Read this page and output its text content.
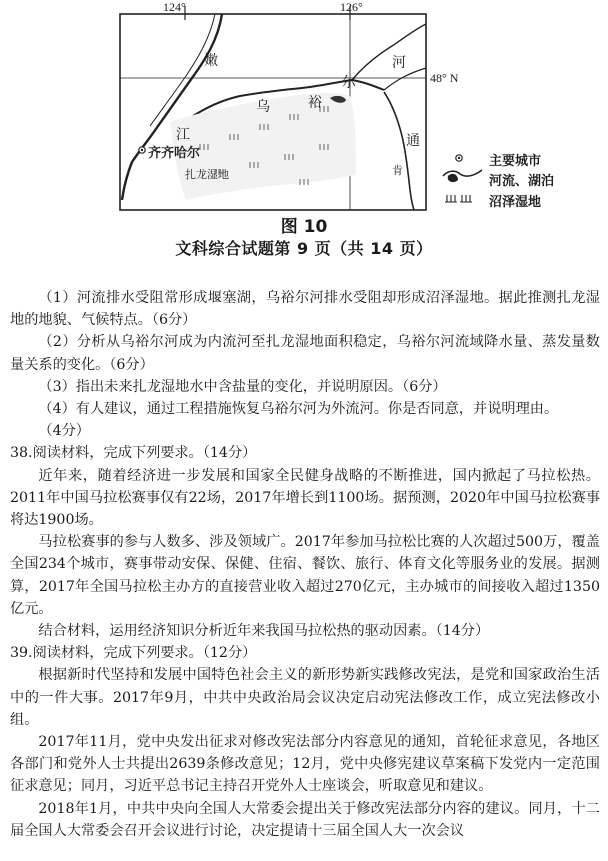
124°	126°
48° N
嫩
江
乌	裕
尔
河
通
肯
齐齐哈尔
扎龙湿地
主要城市
河流、湖泊
沼泽湿地
图 10
文科综合试题第 9 页（共 14 页）

（1）河流排水受阻常形成堰塞湖，乌裕尔河排水受阻却形成沼泽湿地。据此推测扎龙湿地的地貌、气候特点。（6分）

（2）分析从乌裕尔河成为内流河至扎龙湿地面积稳定，乌裕尔河流域降水量、蒸发量数量关系的变化。（6分）

（3）指出未来扎龙湿地水中含盐量的变化，并说明原因。（6分）

（4）有人建议，通过工程措施恢复乌裕尔河为外流河。你是否同意，并说明理由。

（4分）

38.阅读材料，完成下列要求。（14分）

近年来，随着经济进一步发展和国家全民健身战略的不断推进，国内掀起了马拉松热。2011年中国马拉松赛事仅有22场，2017年增长到1100场。据预测，2020年中国马拉松赛事将达1900场。

马拉松赛事的参与人数多、涉及领域广。2017年参加马拉松比赛的人次超过500万，覆盖全国234个城市，赛事带动安保、保健、住宿、餐饮、旅行、体育文化等服务业的发展。据测算，2017年全国马拉松主办方的直接营业收入超过270亿元，主办城市的间接收入超过1350亿元。

结合材料，运用经济知识分析近年来我国马拉松热的驱动因素。（14分）

39.阅读材料，完成下列要求。（12分）

根据新时代坚持和发展中国特色社会主义的新形势新实践修改宪法，是党和国家政治生活中的一件大事。2017年9月，中共中央政治局会议决定启动宪法修改工作，成立宪法修改小组。

2017年11月，党中央发出征求对修改宪法部分内容意见的通知，首轮征求意见，各地区各部门和党外人士共提出2639条修改意见；12月，党中央修宪建议草案稿下发党内一定范围征求意见；同月，习近平总书记主持召开党外人士座谈会，听取意见和建议。

2018年1月，中共中央向全国人大常委会提出关于修改宪法部分内容的建议。同月，十二届全国人大常委会召开会议进行讨论，决定提请十三届全国人大一次会议
